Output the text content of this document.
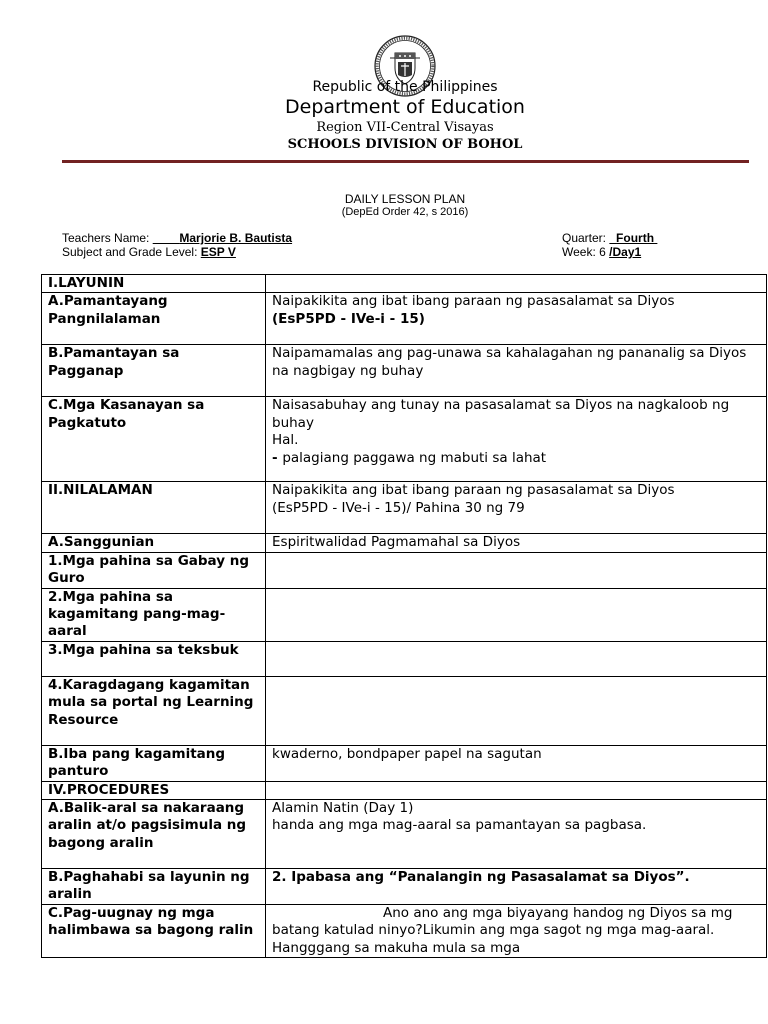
Republic of the Philippines
Department of Education
Region VII-Central Visayas
SCHOOLS DIVISION OF BOHOL
DAILY LESSON PLAN
(DepEd Order 42, s 2016)
Teachers Name:         Marjorie B. Bautista
Subject and Grade Level: ESP V
Quarter:   Fourth
Week: 6 /Day1
I.LAYUNIN	
A.Pamantayang Pangnilalaman	Naipakikita ang ibat ibang paraan ng pasasalamat sa Diyos
(EsP5PD - IVe-i - 15)

B.Pamantayan sa Pagganap	Naipamamalas ang pag-unawa sa kahalagahan ng pananalig sa Diyos na nagbigay ng buhay
C.Mga Kasanayan sa Pagkatuto	Naisasabuhay ang tunay na pasasalamat sa Diyos na nagkaloob ng buhay
Hal.
- palagiang paggawa ng mabuti sa lahat

II.NILALAMAN	Naipakikita ang ibat ibang paraan ng pasasalamat sa Diyos
(EsP5PD - IVe-i - 15)/ Pahina 30 ng 79

A.Sanggunian	Espiritwalidad Pagmamahal sa Diyos
1.Mga pahina sa Gabay ng Guro	
2.Mga pahina sa kagamitang pang-mag-aaral	
3.Mga pahina sa teksbuk	
4.Karagdagang kagamitan mula sa portal ng Learning Resource	
B.Iba pang kagamitang panturo	kwaderno, bondpaper papel na sagutan
IV.PROCEDURES	
A.Balik-aral sa nakaraang aralin at/o pagsisimula ng bagong aralin	Alamin Natin (Day 1)
handa ang mga mag-aaral sa pamantayan sa pagbasa.

B.Paghahabi sa layunin ng aralin	2. Ipabasa ang “Panalangin ng Pasasalamat sa Diyos”.
C.Pag-uugnay ng mga halimbawa sa bagong ralin	Ano ano ang mga biyayang handog ng Diyos sa mg batang katulad ninyo?Likumin ang mga sagot ng mga mag-aaral. Hangggang sa makuha mula sa mga
